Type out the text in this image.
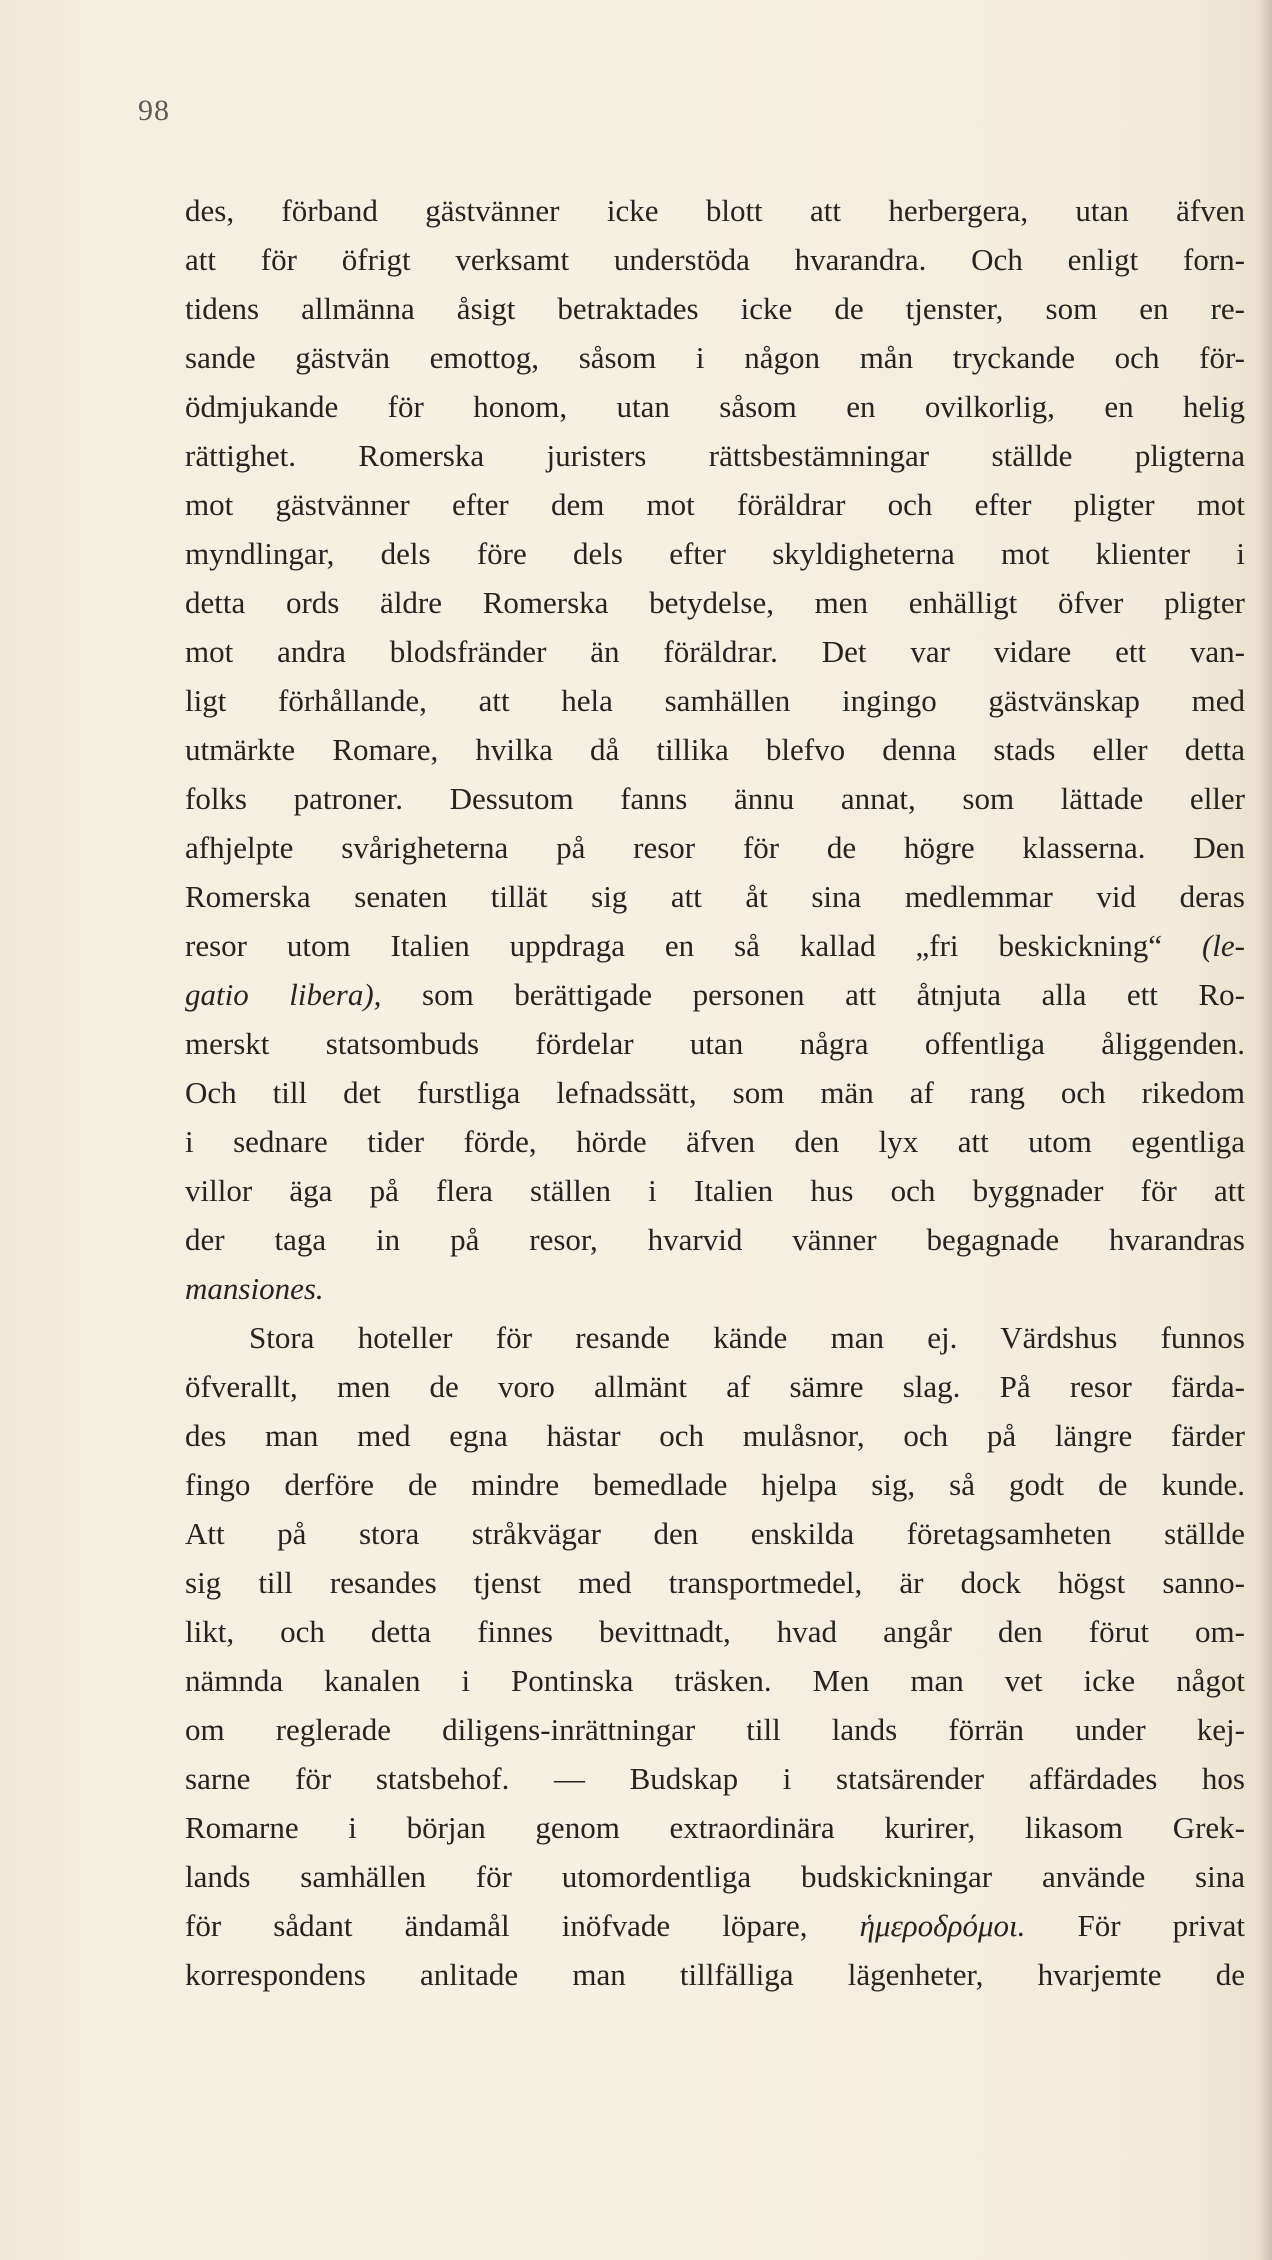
98
des, förband gästvänner icke blott att herbergera, utan äfven
att för öfrigt verksamt understöda hvarandra. Och enligt forn-
tidens allmänna åsigt betraktades icke de tjenster, som en re-
sande gästvän emottog, såsom i någon mån tryckande och för-
ödmjukande för honom, utan såsom en ovilkorlig, en helig
rättighet. Romerska juristers rättsbestämningar ställde pligterna
mot gästvänner efter dem mot föräldrar och efter pligter mot
myndlingar, dels före dels efter skyldigheterna mot klienter i
detta ords äldre Romerska betydelse, men enhälligt öfver pligter
mot andra blodsfränder än föräldrar. Det var vidare ett van-
ligt förhållande, att hela samhällen ingingo gästvänskap med
utmärkte Romare, hvilka då tillika blefvo denna stads eller detta
folks patroner. Dessutom fanns ännu annat, som lättade eller
afhjelpte svårigheterna på resor för de högre klasserna. Den
Romerska senaten tillät sig att åt sina medlemmar vid deras
resor utom Italien uppdraga en så kallad „fri beskickning“ (le-
gatio libera), som berättigade personen att åtnjuta alla ett Ro-
merskt statsombuds fördelar utan några offentliga åliggenden.
Och till det furstliga lefnadssätt, som män af rang och rikedom
i sednare tider förde, hörde äfven den lyx att utom egentliga
villor äga på flera ställen i Italien hus och byggnader för att
der taga in på resor, hvarvid vänner begagnade hvarandras
mansiones.
Stora hoteller för resande kände man ej. Värdshus funnos
öfverallt, men de voro allmänt af sämre slag. På resor färda-
des man med egna hästar och mulåsnor, och på längre färder
fingo derföre de mindre bemedlade hjelpa sig, så godt de kunde.
Att på stora stråkvägar den enskilda företagsamheten ställde
sig till resandes tjenst med transportmedel, är dock högst sanno-
likt, och detta finnes bevittnadt, hvad angår den förut om-
nämnda kanalen i Pontinska träsken. Men man vet icke något
om reglerade diligens-inrättningar till lands förrän under kej-
sarne för statsbehof. — Budskap i statsärender affärdades hos
Romarne i början genom extraordinära kurirer, likasom Grek-
lands samhällen för utomordentliga budskickningar använde sina
för sådant ändamål inöfvade löpare, ἡμεροδρόμοι. För privat
korrespondens anlitade man tillfälliga lägenheter, hvarjemte de
